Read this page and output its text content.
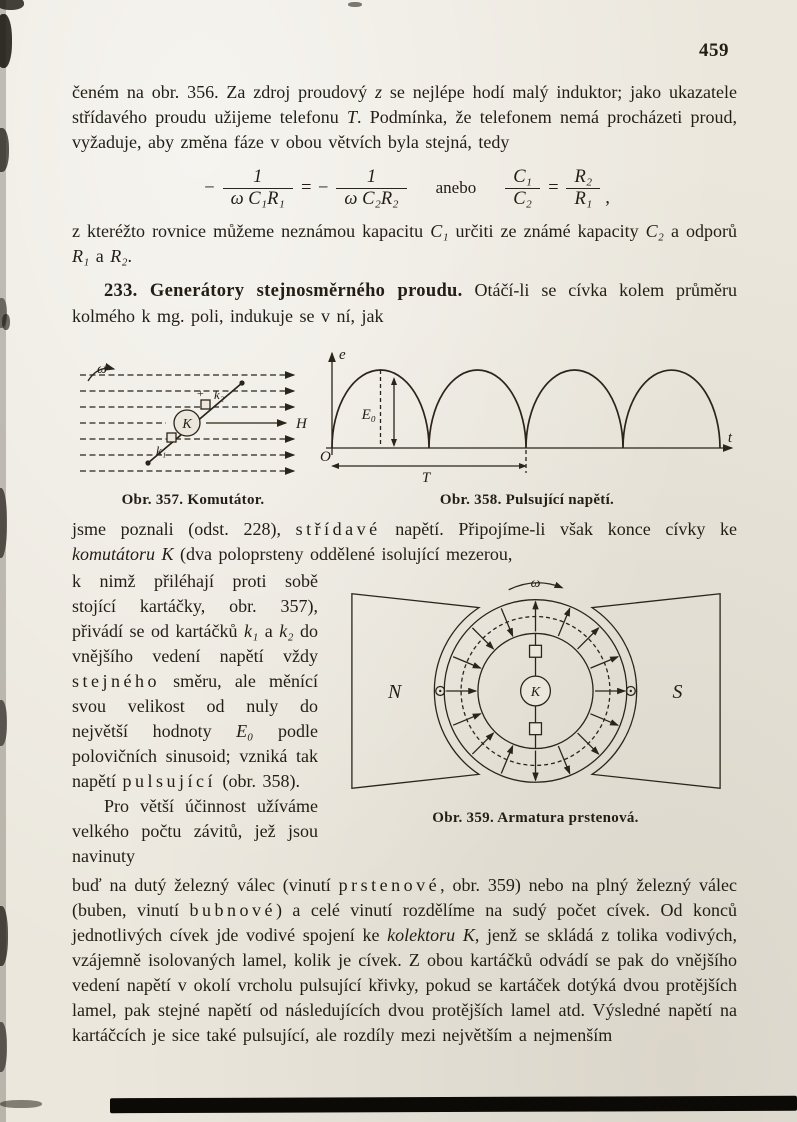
459

čeném na obr. 356. Za zdroj proudový z se nejlépe hodí malý induktor; jako ukazatele střídavého proudu užijeme telefonu T. Podmínka, že telefonem nemá procházeti proud, vyžaduje, aby změna fáze v obou větvích byla stejná, tedy

− $\frac{1}{\text{ω C₁R₁}}$ = − $\frac{1}{\text{ω C₂R₂}}$ anebo $\frac{\text{C₁}}{\text{C₂}} = \frac{\text{R₂}}{\text{R₁}}$ ,

z kteréžto rovnice můžeme neznámou kapacitu C₁ určiti ze známé kapacity C₂ a odporů R₁ a R₂.

233. Generátory stejnosměrného proudu. Otáčí-li se cívka kolem průměru kolmého k mg. poli, indukuje se v ní, jak

ω
H
K
+ k₂
k₁
Obr. 357. Komutátor.
e
E₀
O
T
t
Obr. 358. Pulsující napětí.

jsme poznali (odst. 228), střídavé napětí. Připojíme-li však konce cívky ke komutátoru K (dva poloprsteny oddělené isolující mezerou,

k nimž přiléhají proti sobě stojící kartáčky, obr. 357), přivádí se od kartáčků k₁ a k₂ do vnějšího vedení napětí vždy stejného směru, ale měnící svou velikost od nuly do největší hodnoty E₀ podle polovičních sinusoid; vzniká tak napětí pulsující (obr. 358).

Pro větší účinnost užíváme velkého počtu závitů, jež jsou navinuty

ω
N	S
K
Obr. 359. Armatura prstenová.

buď na dutý železný válec (vinutí prstenové, obr. 359) nebo na plný železný válec (buben, vinutí bubnové) a celé vinutí rozdělíme na sudý počet cívek. Od konců jednotlivých cívek jde vodivé spojení ke kolektoru K, jenž se skládá z tolika vodivých, vzájemně isolovaných lamel, kolik je cívek. Z obou kartáčků odvádí se pak do vnějšího vedení napětí v okolí vrcholu pulsující křivky, pokud se kartáček dotýká dvou protějších lamel, pak stejné napětí od následujících dvou protějších lamel atd. Výsledné napětí na kartáčcích je sice také pulsující, ale rozdíly mezi největším a nejmenším
